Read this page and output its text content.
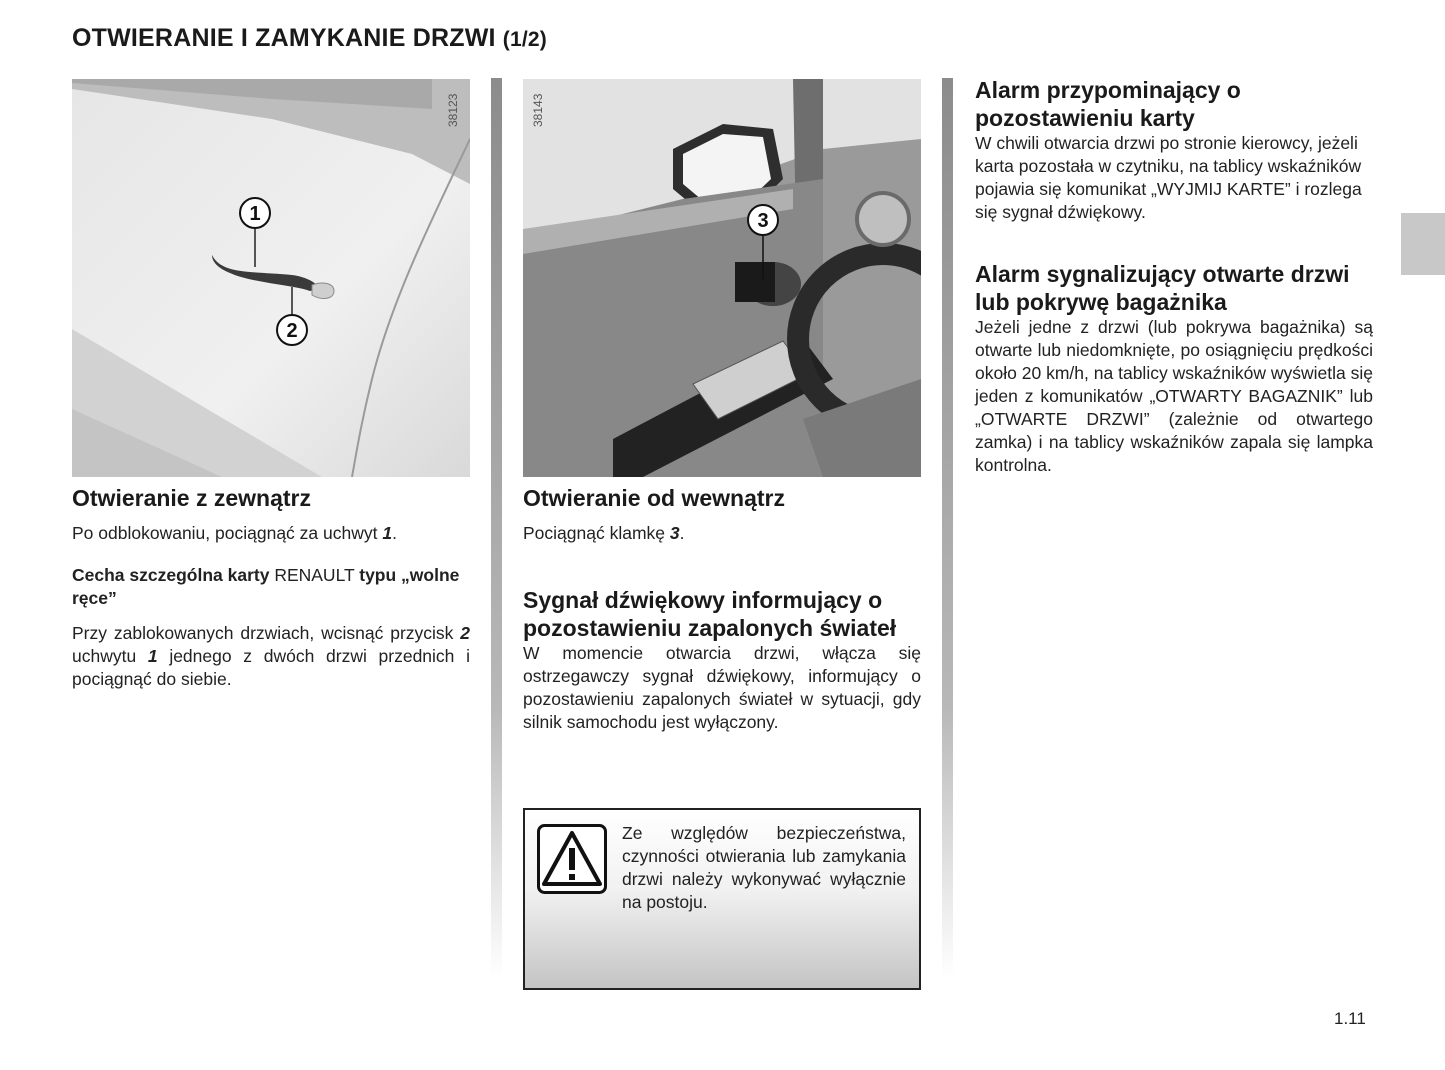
OTWIERANIE I ZAMYKANIE DRZWI (1/2)
1
2
38123
3
38143
Otwieranie z zewnątrz

Po odblokowaniu, pociągnąć za uchwyt 1.

Cecha szczególna karty RENAULT typu „wolne ręce”

Przy zablokowanych drzwiach, wcisnąć przycisk 2 uchwytu 1 jednego z dwóch drzwi przednich i pociągnąć do siebie.

Otwieranie od wewnątrz

Pociągnąć klamkę 3.

Sygnał dźwiękowy informujący o pozostawieniu zapalonych świateł

W momencie otwarcia drzwi, włącza się ostrzegawczy sygnał dźwiękowy, informujący o pozostawieniu zapalonych świateł w sytuacji, gdy silnik samochodu jest wyłączony.

Ze względów bezpieczeństwa, czynności otwierania lub zamykania drzwi należy wykonywać wyłącznie na postoju.
Alarm przypominający o pozostawieniu karty

W chwili otwarcia drzwi po stronie kierowcy, jeżeli karta pozostała w czytniku, na tablicy wskaźników pojawia się komunikat „WYJMIJ KARTE” i rozlega się sygnał dźwiękowy.

Alarm sygnalizujący otwarte drzwi lub pokrywę bagażnika

Jeżeli jedne z drzwi (lub pokrywa bagażnika) są otwarte lub niedomknięte, po osiągnięciu prędkości około 20 km/h, na tablicy wskaźników wyświetla się jeden z komunikatów „OTWARTY BAGAZNIK” lub „OTWARTE DRZWI” (zależnie od otwartego zamka) i na tablicy wskaźników zapala się lampka kontrolna.

1.11
